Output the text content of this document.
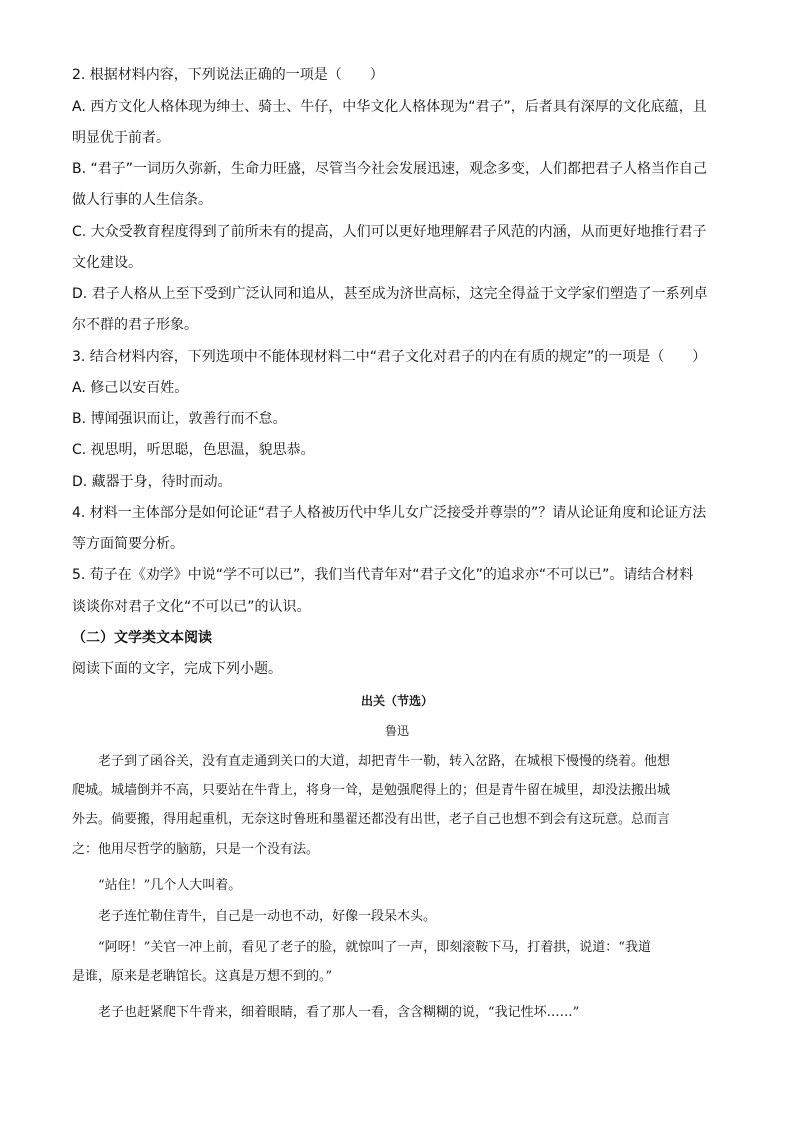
2. 根据材料内容，下列说法正确的一项是（　　）
A. 西方文化人格体现为绅士、骑士、牛仔，中华文化人格体现为“君子”，后者具有深厚的文化底蕴，且
明显优于前者。
B. “君子”一词历久弥新，生命力旺盛，尽管当今社会发展迅速，观念多变，人们都把君子人格当作自己
做人行事的人生信条。
C. 大众受教育程度得到了前所未有的提高，人们可以更好地理解君子风范的内涵，从而更好地推行君子
文化建设。
D. 君子人格从上至下受到广泛认同和追从，甚至成为济世高标，这完全得益于文学家们塑造了一系列卓
尔不群的君子形象。
3. 结合材料内容，下列选项中不能体现材料二中“君子文化对君子的内在有质的规定”的一项是（　　）
A. 修己以安百姓。
B. 博闻强识而让，敦善行而不怠。
C. 视思明，听思聪，色思温，貌思恭。
D. 藏器于身，待时而动。
4. 材料一主体部分是如何论证“君子人格被历代中华儿女广泛接受并尊崇的”？请从论证角度和论证方法
等方面简要分析。
5. 荀子在《劝学》中说“学不可以已”，我们当代青年对“君子文化”的追求亦“不可以已”。请结合材料
谈谈你对君子文化“不可以已”的认识。
（二）文学类文本阅读
阅读下面的文字，完成下列小题。
出关（节选）
鲁迅
老子到了函谷关，没有直走通到关口的大道，却把青牛一勒，转入岔路，在城根下慢慢的绕着。他想
爬城。城墙倒并不高，只要站在牛背上，将身一耸，是勉强爬得上的；但是青牛留在城里，却没法搬出城
外去。倘要搬，得用起重机，无奈这时鲁班和墨翟还都没有出世，老子自己也想不到会有这玩意。总而言
之：他用尽哲学的脑筋，只是一个没有法。
“站住！”几个人大叫着。
老子连忙勒住青牛，自己是一动也不动，好像一段呆木头。
“阿呀！”关官一冲上前，看见了老子的脸，就惊叫了一声，即刻滚鞍下马，打着拱，说道：“我道
是谁，原来是老聃馆长。这真是万想不到的。”
老子也赶紧爬下牛背来，细着眼睛，看了那人一看，含含糊糊的说，“我记性坏……”
